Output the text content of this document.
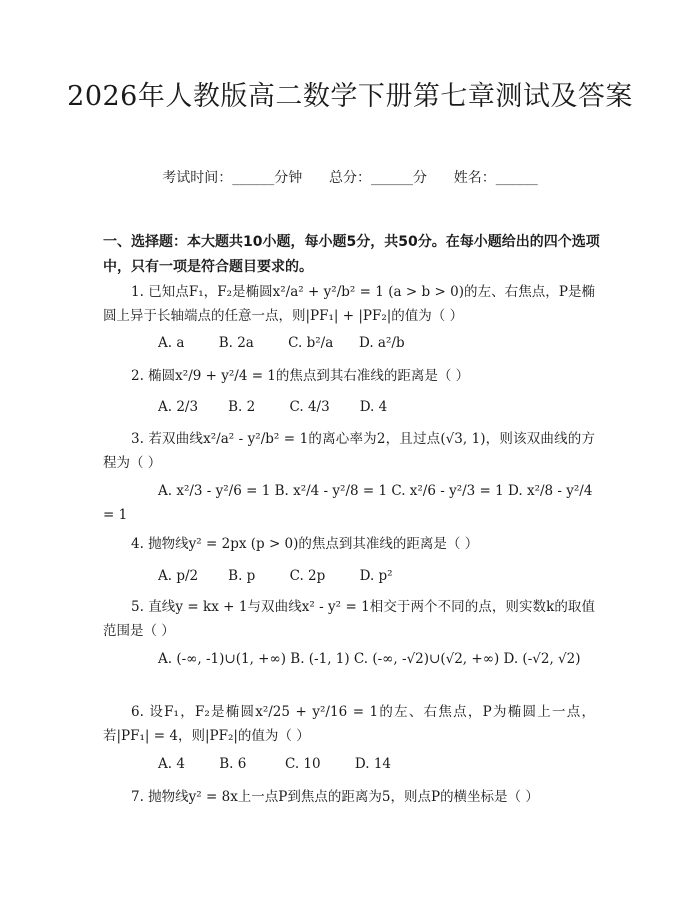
2026年人教版高二数学下册第七章测试及答案
考试时间：______分钟      总分：______分      姓名：______
一、选择题：本大题共10小题，每小题5分，共50分。在每小题给出的四个选项中，只有一项是符合题目要求的。
1. 已知点F₁，F₂是椭圆x²/a² + y²/b² = 1 (a > b > 0)的左、右焦点，P是椭圆上异于长轴端点的任意一点，则|PF₁| + |PF₂|的值为（ ）
A. a        B. 2a        C. b²/a      D. a²/b
2. 椭圆x²/9 + y²/4 = 1的焦点到其右准线的距离是（ ）
A. 2/3       B. 2        C. 4/3       D. 4
3. 若双曲线x²/a² - y²/b² = 1的离心率为2，且过点(√3, 1)，则该双曲线的方程为（ ）
A. x²/3 - y²/6 = 1 B. x²/4 - y²/8 = 1 C. x²/6 - y²/3 = 1 D. x²/8 - y²/4 = 1
4. 抛物线y² = 2px (p > 0)的焦点到其准线的距离是（ ）
A. p/2       B. p        C. 2p        D. p²
5. 直线y = kx + 1与双曲线x² - y² = 1相交于两个不同的点，则实数k的取值范围是（ ）
A. (-∞, -1)∪(1, +∞) B. (-1, 1) C. (-∞, -√2)∪(√2, +∞) D. (-√2, √2)
6. 设F₁，F₂是椭圆x²/25 + y²/16 = 1的左、右焦点，P为椭圆上一点，若|PF₁| = 4，则|PF₂|的值为（ ）
A. 4        B. 6         C. 10        D. 14
7. 抛物线y² = 8x上一点P到焦点的距离为5，则点P的横坐标是（ ）
